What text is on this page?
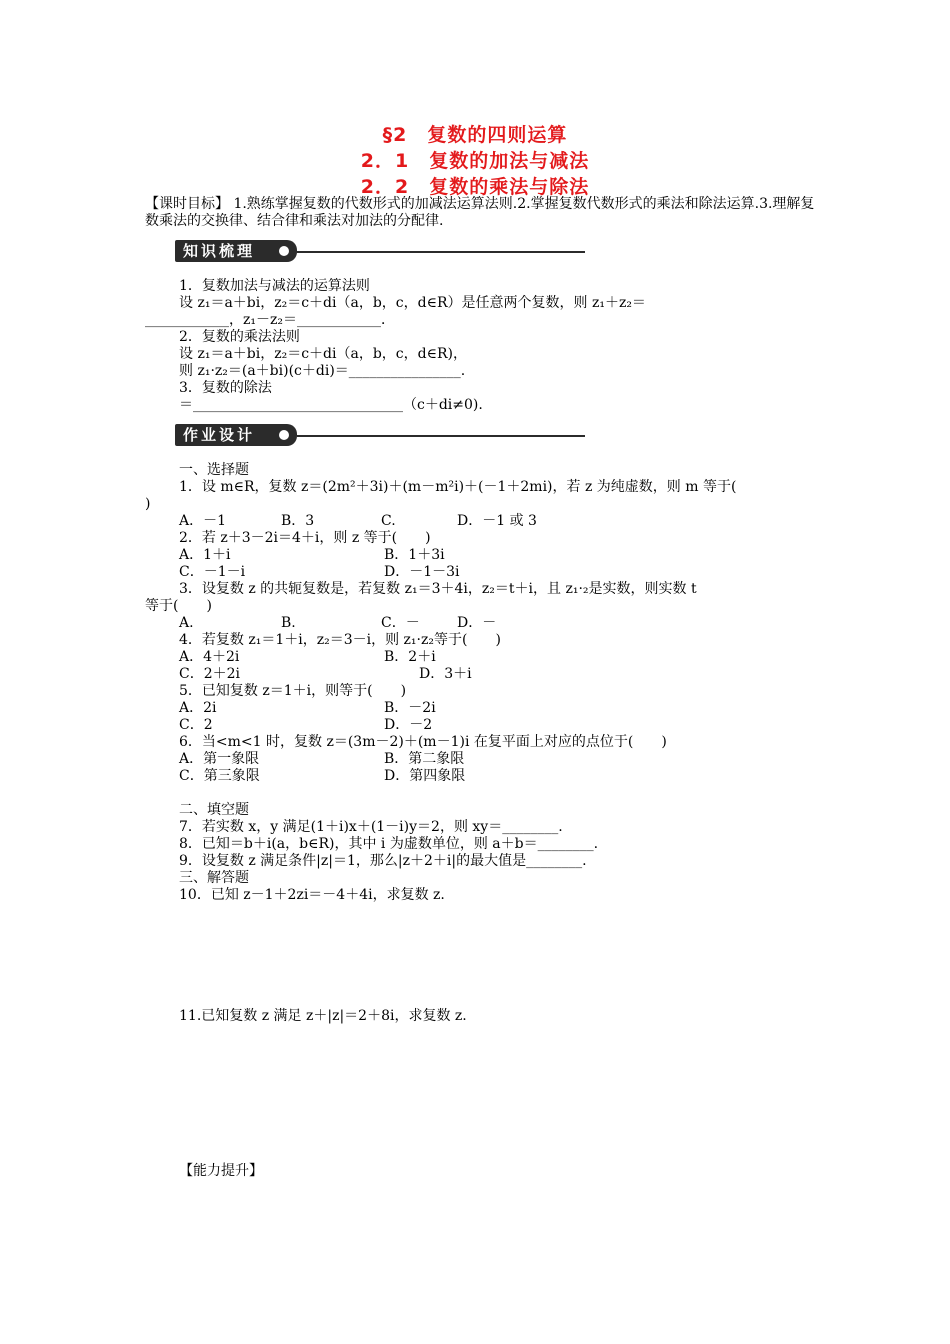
§2　复数的四则运算
2．1　复数的加法与减法
2．2　复数的乘法与除法
【课时目标】 1.熟练掌握复数的代数形式的加减法运算法则.2.掌握复数代数形式的乘法和除法运算.3.理解复数乘法的交换律、结合律和乘法对加法的分配律.
知识梳理
1．复数加法与减法的运算法则
设 z₁＝a＋bi，z₂＝c＋di（a，b，c，d∈R）是任意两个复数，则 z₁＋z₂＝
____________，z₁－z₂＝____________．
2．复数的乘法法则
设 z₁＝a＋bi，z₂＝c＋di（a，b，c，d∈R)，
则 z₁·z₂＝(a＋bi)(c＋di)＝________________.
3．复数的除法
＝______________________________（c＋di≠0).
作业设计
一、选择题
1．设 m∈R，复数 z＝(2m²＋3i)＋(m－m²i)＋(－1＋2mi)，若 z 为纯虚数，则 m 等于(
)
A．－1	B．3	C.	D．－1 或 3
2．若 z＋3－2i＝4＋i，则 z 等于(　　)
A．1＋i	B．1＋3i
C．－1－i	D．－1－3i
3．设复数 z 的共轭复数是，若复数 z₁＝3＋4i，z₂＝t＋i，且 z₁·₂是实数，则实数 t
等于(　　)
A.	B.	C．－	D．－
4．若复数 z₁＝1＋i，z₂＝3－i，则 z₁·z₂等于(　　)
A．4＋2i	B．2＋i
C．2＋2i	D．3＋i
5．已知复数 z＝1＋i，则等于(　　)
A．2i	B．－2i
C．2	D．－2
6．当<m<1 时，复数 z＝(3m－2)＋(m－1)i 在复平面上对应的点位于(　　)
A．第一象限	B．第二象限
C．第三象限	D．第四象限
二、填空题
7．若实数 x，y 满足(1＋i)x＋(1－i)y＝2，则 xy＝________.
8．已知＝b＋i(a，b∈R)，其中 i 为虚数单位，则 a＋b＝________.
9．设复数 z 满足条件|z|＝1，那么|z＋2＋i|的最大值是________.
三、解答题
10．已知 z－1＋2zi＝－4＋4i，求复数 z.
11.已知复数 z 满足 z＋|z|＝2＋8i，求复数 z.
【能力提升】
